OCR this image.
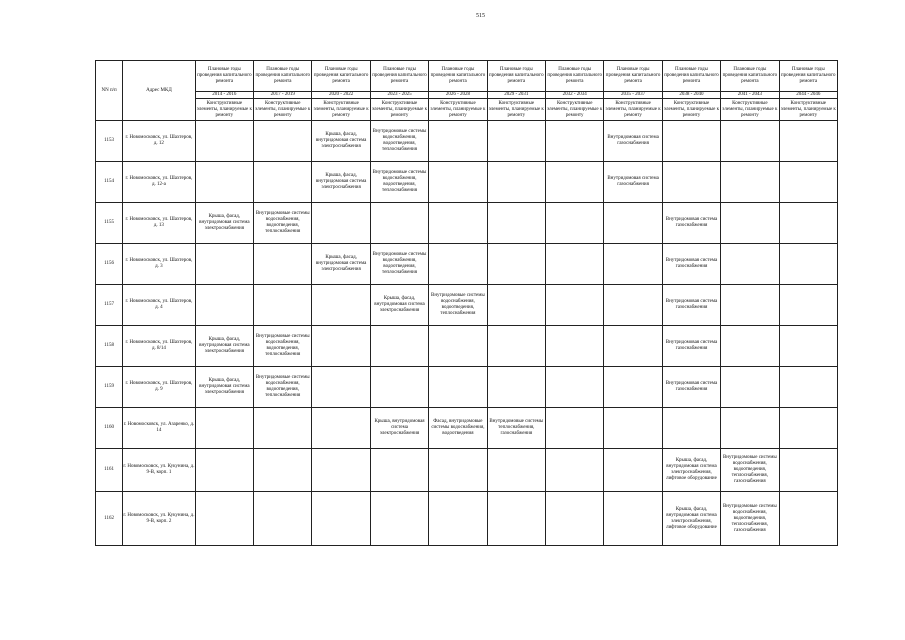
515
NN п/п	Адрес МКД	Плановые годы проведения капитального ремонта	Плановые годы проведения капитального ремонта	Плановые годы проведения капитального ремонта	Плановые годы проведения капитального ремонта	Плановые годы проведения капитального ремонта	Плановые годы проведения капитального ремонта	Плановые годы проведения капитального ремонта	Плановые годы проведения капитального ремонта	Плановые годы проведения капитального ремонта	Плановые годы проведения капитального ремонта	Плановые годы проведения капитального ремонта
		2014 - 2016	2017 - 2019	2020 - 2022	2023 - 2025	2026 - 2028	2029 - 2031	2032 - 2034	2035 - 2037	2038 - 2040	2041 - 2043	2044 - 2046
		Конструктивные элементы, планируемые к ремонту	Конструктивные элементы, планируемые к ремонту	Конструктивные элементы, планируемые к ремонту	Конструктивные элементы, планируемые к ремонту	Конструктивные элементы, планируемые к ремонту	Конструктивные элементы, планируемые к ремонту	Конструктивные элементы, планируемые к ремонту	Конструктивные элементы, планируемые к ремонту	Конструктивные элементы, планируемые к ремонту	Конструктивные элементы, планируемые к ремонту	Конструктивные элементы, планируемые к ремонту
1153	г. Новомосковск, ул. Шахтеров, д. 12			Крыша, фасад, внутридомовая система электроснабжения	Внутридомовые системы водоснабжения, водоотведения, теплоснабжения				Внутридомовая система газоснабжения			
1154	г. Новомосковск, ул. Шахтеров, д. 12-а			Крыша, фасад, внутридомовая система электроснабжения	Внутридомовые системы водоснабжения, водоотведения, теплоснабжения				Внутридомовая система газоснабжения			
1155	г. Новомосковск, ул. Шахтеров, д. 13	Крыша, фасад, внутридомовая система электроснабжения	Внутридомовые системы водоснабжения, водоотведения, теплоснабжения							Внутридомовая система газоснабжения		
1156	г. Новомосковск, ул. Шахтеров, д. 3			Крыша, фасад, внутридомовая система электроснабжения	Внутридомовые системы водоснабжения, водоотведения, теплоснабжения					Внутридомовая система газоснабжения		
1157	г. Новомосковск, ул. Шахтеров, д. 4				Крыша, фасад, внутридомовая система электроснабжения	Внутридомовые системы водоснабжения, водоотведения, теплоснабжения				Внутридомовая система газоснабжения		
1158	г. Новомосковск, ул. Шахтеров, д. 8/14	Крыша, фасад, внутридомовая система электроснабжения	Внутридомовые системы водоснабжения, водоотведения, теплоснабжения							Внутридомовая система газоснабжения		
1159	г. Новомосковск, ул. Шахтеров, д. 9	Крыша, фасад, внутридомовая система электроснабжения	Внутридомовые системы водоснабжения, водоотведения, теплоснабжения							Внутридомовая система газоснабжения		
1160	г. Новомосковск, ул. Азаренко, д. 14				Крыша, внутридомовая система электроснабжения	Фасад, внутридомовые системы водоснабжения, водоотведения	Внутридомовые системы теплоснабжения, газоснабжения					
1161	г. Новомосковск, ул. Кукунина, д. 9-В, корп. 1									Крыша, фасад, внутридомовая система электроснабжения, лифтовое оборудование	Внутридомовые системы водоснабжения, водоотведения, теплоснабжения, газоснабжения	
1162	г. Новомосковск, ул. Кукунина, д. 9-В, корп. 2									Крыша, фасад, внутридомовая система электроснабжения, лифтовое оборудование	Внутридомовые системы водоснабжения, водоотведения, теплоснабжения, газоснабжения	
